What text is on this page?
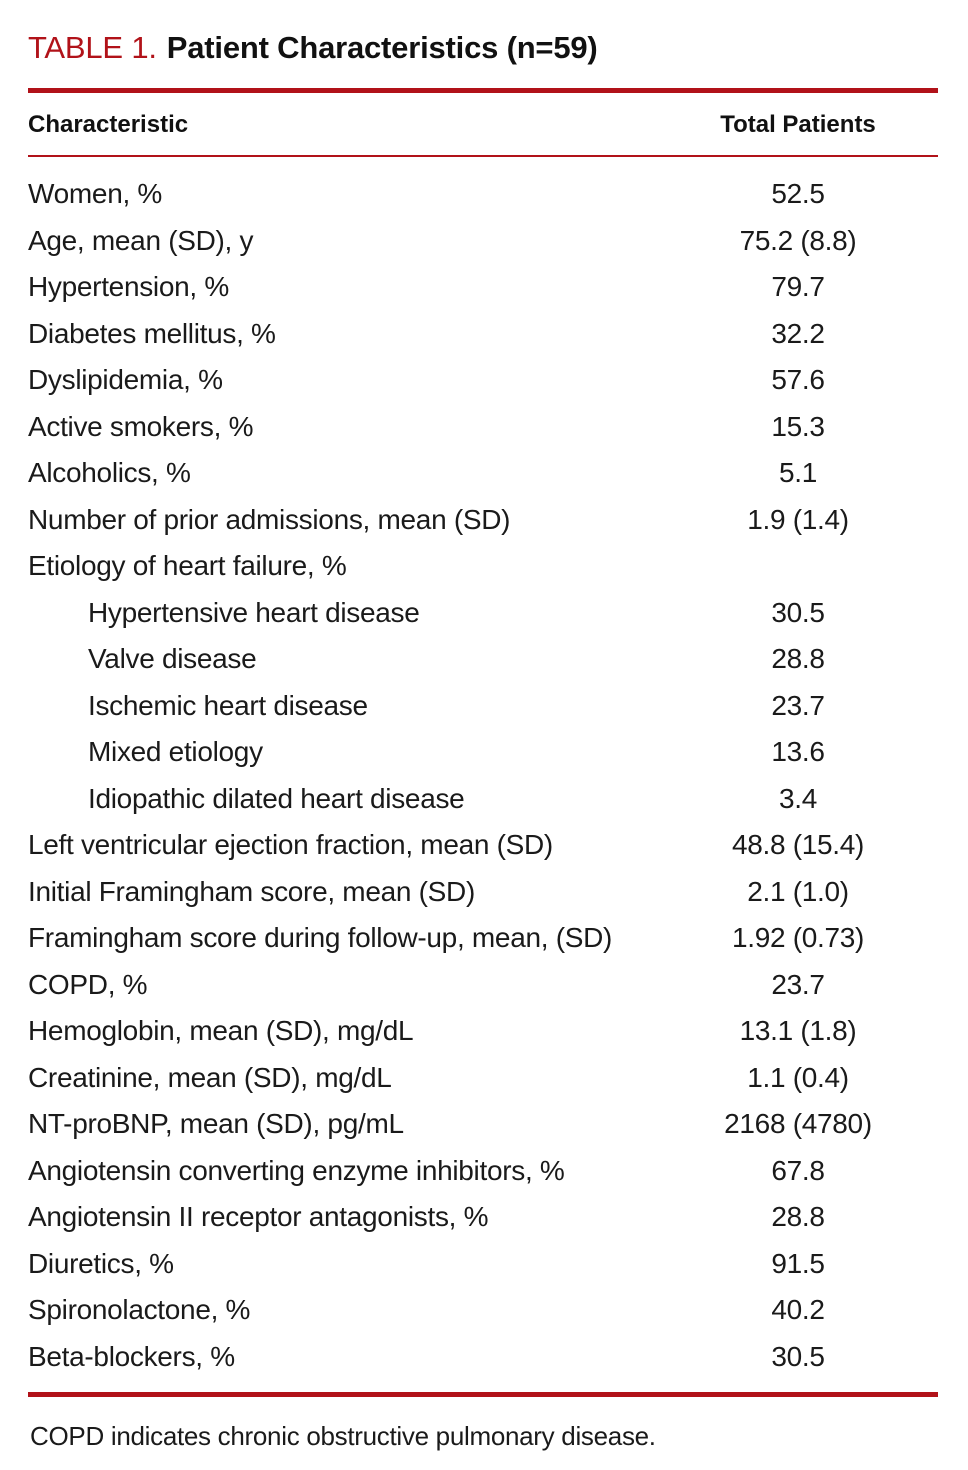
TABLE 1. Patient Characteristics (n=59)
Characteristic	Total Patients
Women, %	52.5
Age, mean (SD), y	75.2 (8.8)
Hypertension, %	79.7
Diabetes mellitus, %	32.2
Dyslipidemia, %	57.6
Active smokers, %	15.3
Alcoholics, %	5.1
Number of prior admissions, mean (SD)	1.9 (1.4)
Etiology of heart failure, %
Hypertensive heart disease	30.5
Valve disease	28.8
Ischemic heart disease	23.7
Mixed etiology	13.6
Idiopathic dilated heart disease	3.4
Left ventricular ejection fraction, mean (SD)	48.8 (15.4)
Initial Framingham score, mean (SD)	2.1 (1.0)
Framingham score during follow-up, mean, (SD)	1.92 (0.73)
COPD, %	23.7
Hemoglobin, mean (SD), mg/dL	13.1 (1.8)
Creatinine, mean (SD), mg/dL	1.1 (0.4)
NT-proBNP, mean (SD), pg/mL	2168 (4780)
Angiotensin converting enzyme inhibitors, %	67.8
Angiotensin II receptor antagonists, %	28.8
Diuretics, %	91.5
Spironolactone, %	40.2
Beta-blockers, %	30.5

COPD indicates chronic obstructive pulmonary disease.
